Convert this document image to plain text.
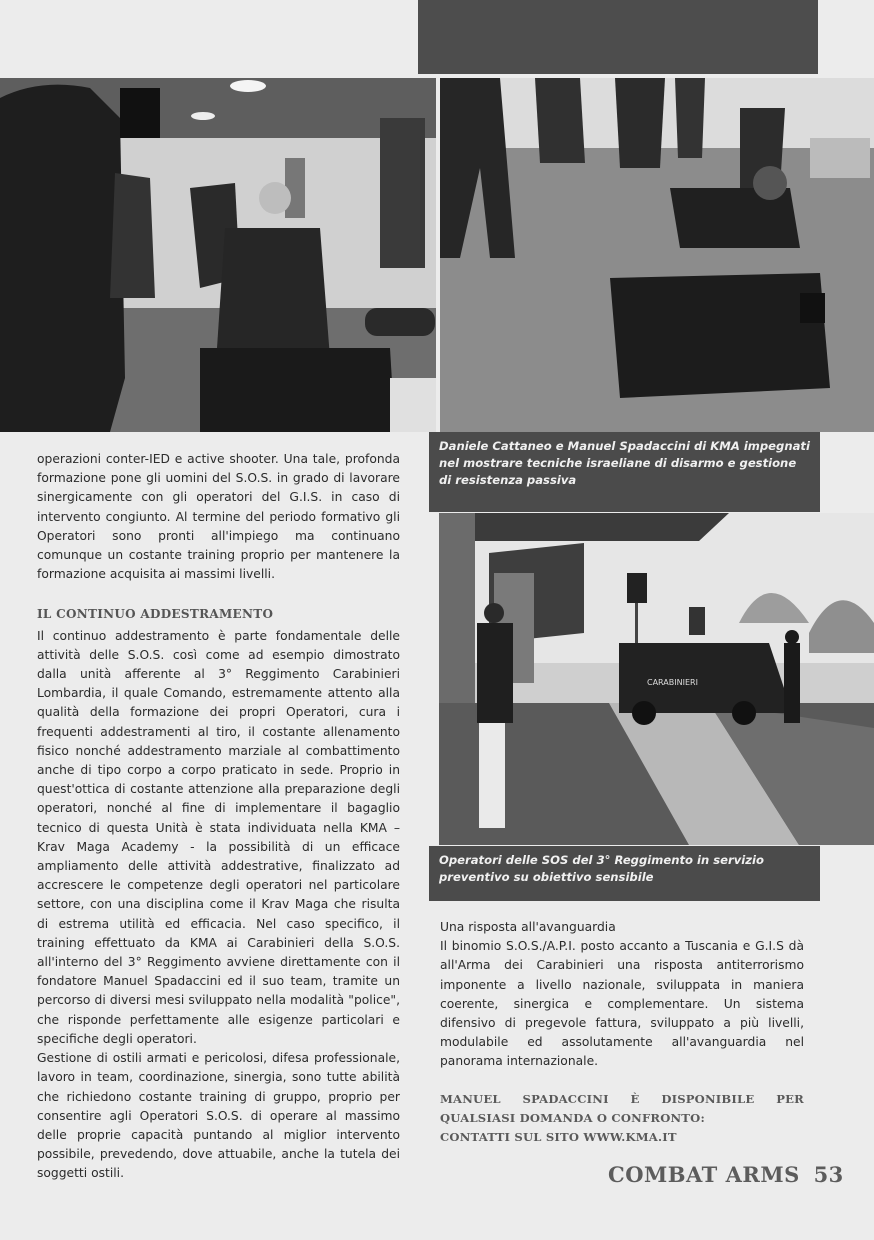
CARABINIERI
Daniele Cattaneo e Manuel Spadaccini di KMA impegnati nel mostrare tecniche israeliane di disarmo e gestione di resistenza passiva
Operatori delle SOS del 3° Reggimento in servizio preventivo su obiettivo sensibile

operazioni conter-IED e active shooter. Una tale, profonda formazione pone gli uomini del S.O.S. in grado di lavorare sinergicamente con gli operatori del G.I.S. in caso di intervento congiunto. Al termine del periodo formativo gli Operatori sono pronti all'impiego ma continuano comunque un costante training proprio per mantenere la formazione acquisita ai massimi livelli.

IL CONTINUO ADDESTRAMENTO

Il continuo addestramento è parte fondamentale delle attività delle S.O.S. così come ad esempio dimostrato dalla unità afferente al 3° Reggimento Carabinieri Lombardia, il quale Comando, estremamente attento alla qualità della formazione dei propri Operatori, cura i frequenti addestramenti al tiro, il costante allenamento fisico nonché addestramento marziale al combattimento anche di tipo corpo a corpo praticato in sede. Proprio in quest'ottica di costante attenzione alla preparazione degli operatori, nonché al fine di implementare il bagaglio tecnico di questa Unità è stata individuata nella KMA – Krav Maga Academy - la possibilità di un efficace ampliamento delle attività addestrative, finalizzato ad accrescere le competenze degli operatori nel particolare settore, con una disciplina come il Krav Maga che risulta di estrema utilità ed efficacia. Nel caso specifico, il training effettuato da KMA ai Carabinieri della S.O.S. all'interno del 3° Reggimento avviene direttamente con il fondatore Manuel Spadaccini ed il suo team, tramite un percorso di diversi mesi sviluppato nella modalità "police", che risponde perfettamente alle esigenze particolari e specifiche degli operatori.

Gestione di ostili armati e pericolosi, difesa professionale, lavoro in team, coordinazione, sinergia, sono tutte abilità che richiedono costante training di gruppo, proprio per consentire agli Operatori S.O.S. di operare al massimo delle proprie capacità puntando al miglior intervento possibile, prevedendo, dove attuabile, anche la tutela dei soggetti ostili.

Una risposta all'avanguardia

Il binomio S.O.S./A.P.I. posto accanto a Tuscania e G.I.S dà all'Arma dei Carabinieri una risposta antiterrorismo imponente a livello nazionale, sviluppata in maniera coerente, sinergica e complementare. Un sistema difensivo di pregevole fattura, sviluppato a più livelli, modulabile ed assolutamente all'avanguardia nel panorama internazionale.

MANUEL SPADACCINI È DISPONIBILE PER QUALSIASI DOMANDA O CONFRONTO:
CONTATTI SUL SITO WWW.KMA.IT

COMBAT ARMS 53
